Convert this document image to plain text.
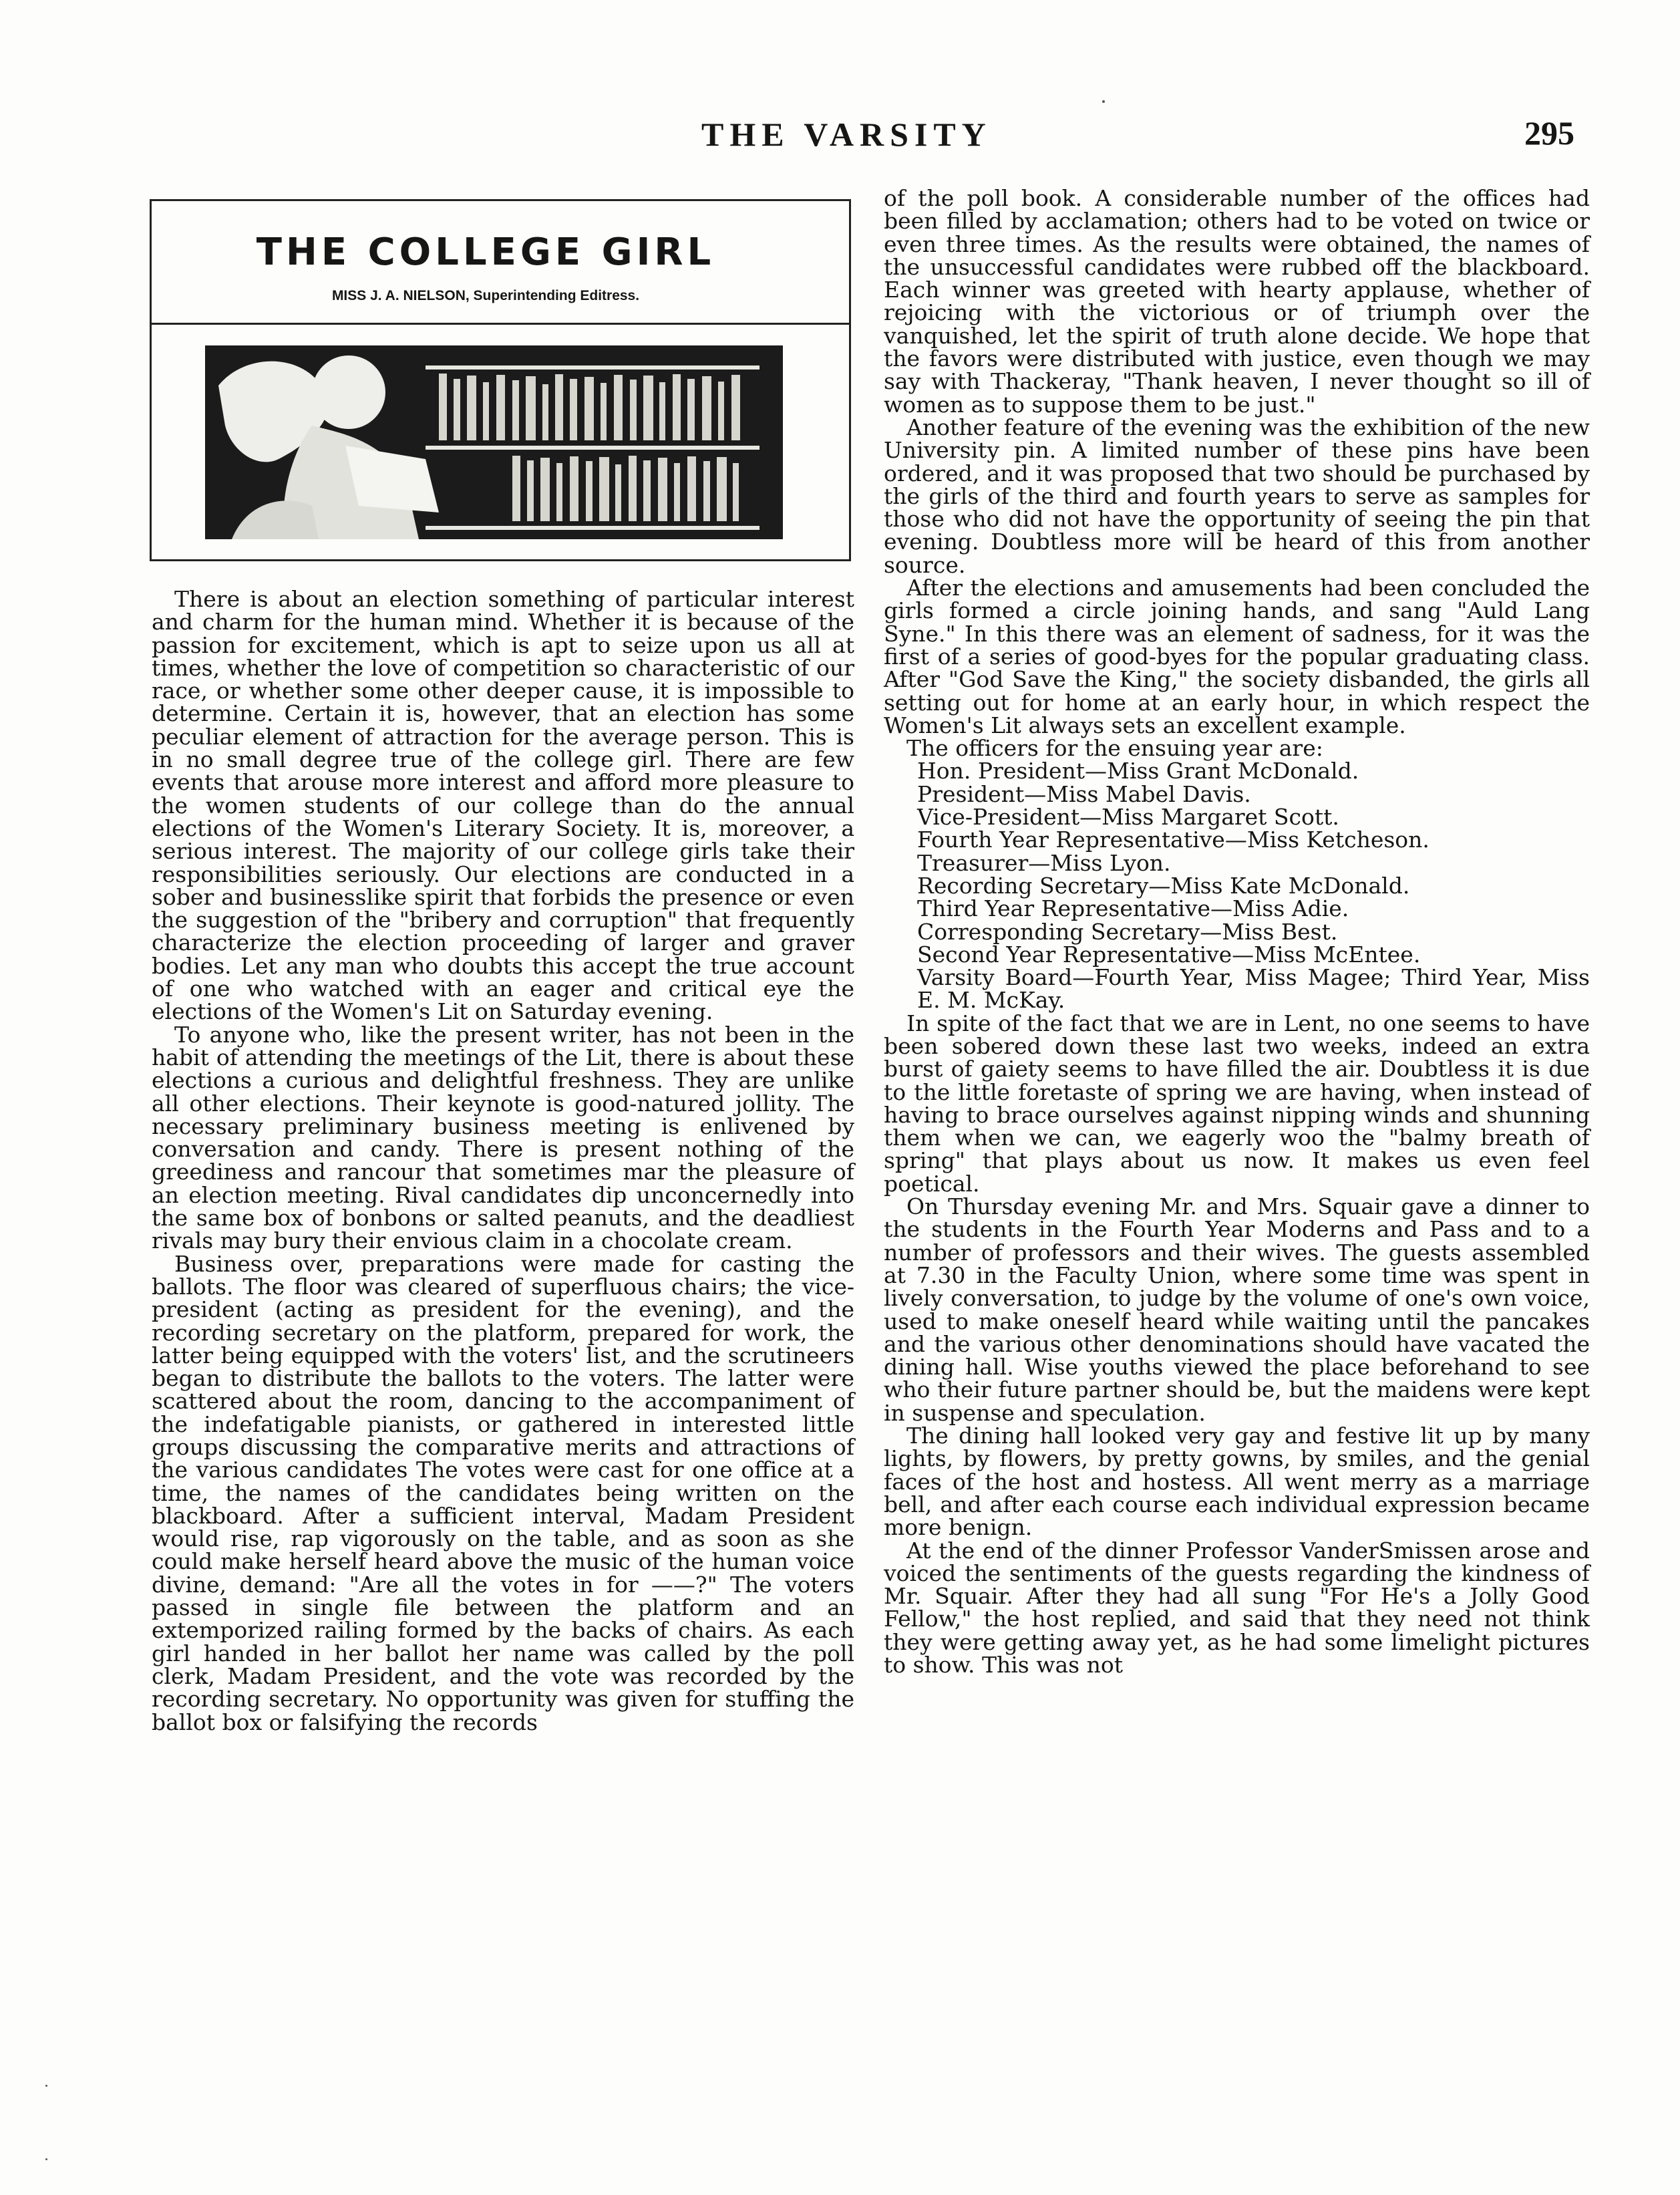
THE VARSITY	295
THE COLLEGE GIRL
MISS J. A. NIELSON, Superintending Editress.

There is about an election something of particular interest and charm for the human mind. Whether it is because of the passion for excitement, which is apt to seize upon us all at times, whether the love of competition so characteristic of our race, or whether some other deeper cause, it is impossible to determine. Certain it is, however, that an election has some peculiar element of attraction for the average person. This is in no small degree true of the college girl. There are few events that arouse more interest and afford more pleasure to the women students of our college than do the annual elections of the Women's Literary Society. It is, moreover, a serious interest. The majority of our college girls take their responsibilities seriously. Our elections are conducted in a sober and businesslike spirit that forbids the presence or even the suggestion of the "bribery and corruption" that frequently characterize the election proceeding of larger and graver bodies. Let any man who doubts this accept the true account of one who watched with an eager and critical eye the elections of the Women's Lit on Saturday evening.

To anyone who, like the present writer, has not been in the habit of attending the meetings of the Lit, there is about these elections a curious and delightful freshness. They are unlike all other elections. Their keynote is good-natured jollity. The necessary preliminary business meeting is enlivened by conversation and candy. There is present nothing of the greediness and rancour that sometimes mar the pleasure of an election meeting. Rival candidates dip unconcernedly into the same box of bonbons or salted peanuts, and the deadliest rivals may bury their envious claim in a chocolate cream.

Business over, preparations were made for casting the ballots. The floor was cleared of superfluous chairs; the vice-president (acting as president for the evening), and the recording secretary on the platform, prepared for work, the latter being equipped with the voters' list, and the scrutineers began to distribute the ballots to the voters. The latter were scattered about the room, dancing to the accompaniment of the indefatigable pianists, or gathered in interested little groups discussing the comparative merits and attractions of the various candidates The votes were cast for one office at a time, the names of the candidates being written on the blackboard. After a sufficient interval, Madam President would rise, rap vigorously on the table, and as soon as she could make herself heard above the music of the human voice divine, demand: "Are all the votes in for ——?" The voters passed in single file between the platform and an extemporized railing formed by the backs of chairs. As each girl handed in her ballot her name was called by the poll clerk, Madam President, and the vote was recorded by the recording secretary. No opportunity was given for stuffing the ballot box or falsifying the records

of the poll book. A considerable number of the offices had been filled by acclamation; others had to be voted on twice or even three times. As the results were obtained, the names of the unsuccessful candidates were rubbed off the blackboard. Each winner was greeted with hearty applause, whether of rejoicing with the victorious or of triumph over the vanquished, let the spirit of truth alone decide. We hope that the favors were distributed with justice, even though we may say with Thackeray, "Thank heaven, I never thought so ill of women as to suppose them to be just."

Another feature of the evening was the exhibition of the new University pin. A limited number of these pins have been ordered, and it was proposed that two should be purchased by the girls of the third and fourth years to serve as samples for those who did not have the opportunity of seeing the pin that evening. Doubtless more will be heard of this from another source.

After the elections and amusements had been concluded the girls formed a circle joining hands, and sang "Auld Lang Syne." In this there was an element of sadness, for it was the first of a series of good-byes for the popular graduating class. After "God Save the King," the society disbanded, the girls all setting out for home at an early hour, in which respect the Women's Lit always sets an excellent example.

The officers for the ensuing year are:

Hon. President—Miss Grant McDonald.
President—Miss Mabel Davis.
Vice-President—Miss Margaret Scott.
Fourth Year Representative—Miss Ketcheson.
Treasurer—Miss Lyon.
Recording Secretary—Miss Kate McDonald.
Third Year Representative—Miss Adie.
Corresponding Secretary—Miss Best.
Second Year Representative—Miss McEntee.
Varsity Board—Fourth Year, Miss Magee; Third Year, Miss E. M. McKay.

In spite of the fact that we are in Lent, no one seems to have been sobered down these last two weeks, indeed an extra burst of gaiety seems to have filled the air. Doubtless it is due to the little foretaste of spring we are having, when instead of having to brace ourselves against nipping winds and shunning them when we can, we eagerly woo the "balmy breath of spring" that plays about us now. It makes us even feel poetical.

On Thursday evening Mr. and Mrs. Squair gave a dinner to the students in the Fourth Year Moderns and Pass and to a number of professors and their wives. The guests assembled at 7.30 in the Faculty Union, where some time was spent in lively conversation, to judge by the volume of one's own voice, used to make oneself heard while waiting until the pancakes and the various other denominations should have vacated the dining hall. Wise youths viewed the place beforehand to see who their future partner should be, but the maidens were kept in suspense and speculation.

The dining hall looked very gay and festive lit up by many lights, by flowers, by pretty gowns, by smiles, and the genial faces of the host and hostess. All went merry as a marriage bell, and after each course each individual expression became more benign.

At the end of the dinner Professor VanderSmissen arose and voiced the sentiments of the guests regarding the kindness of Mr. Squair. After they had all sung "For He's a Jolly Good Fellow," the host replied, and said that they need not think they were getting away yet, as he had some limelight pictures to show. This was not
